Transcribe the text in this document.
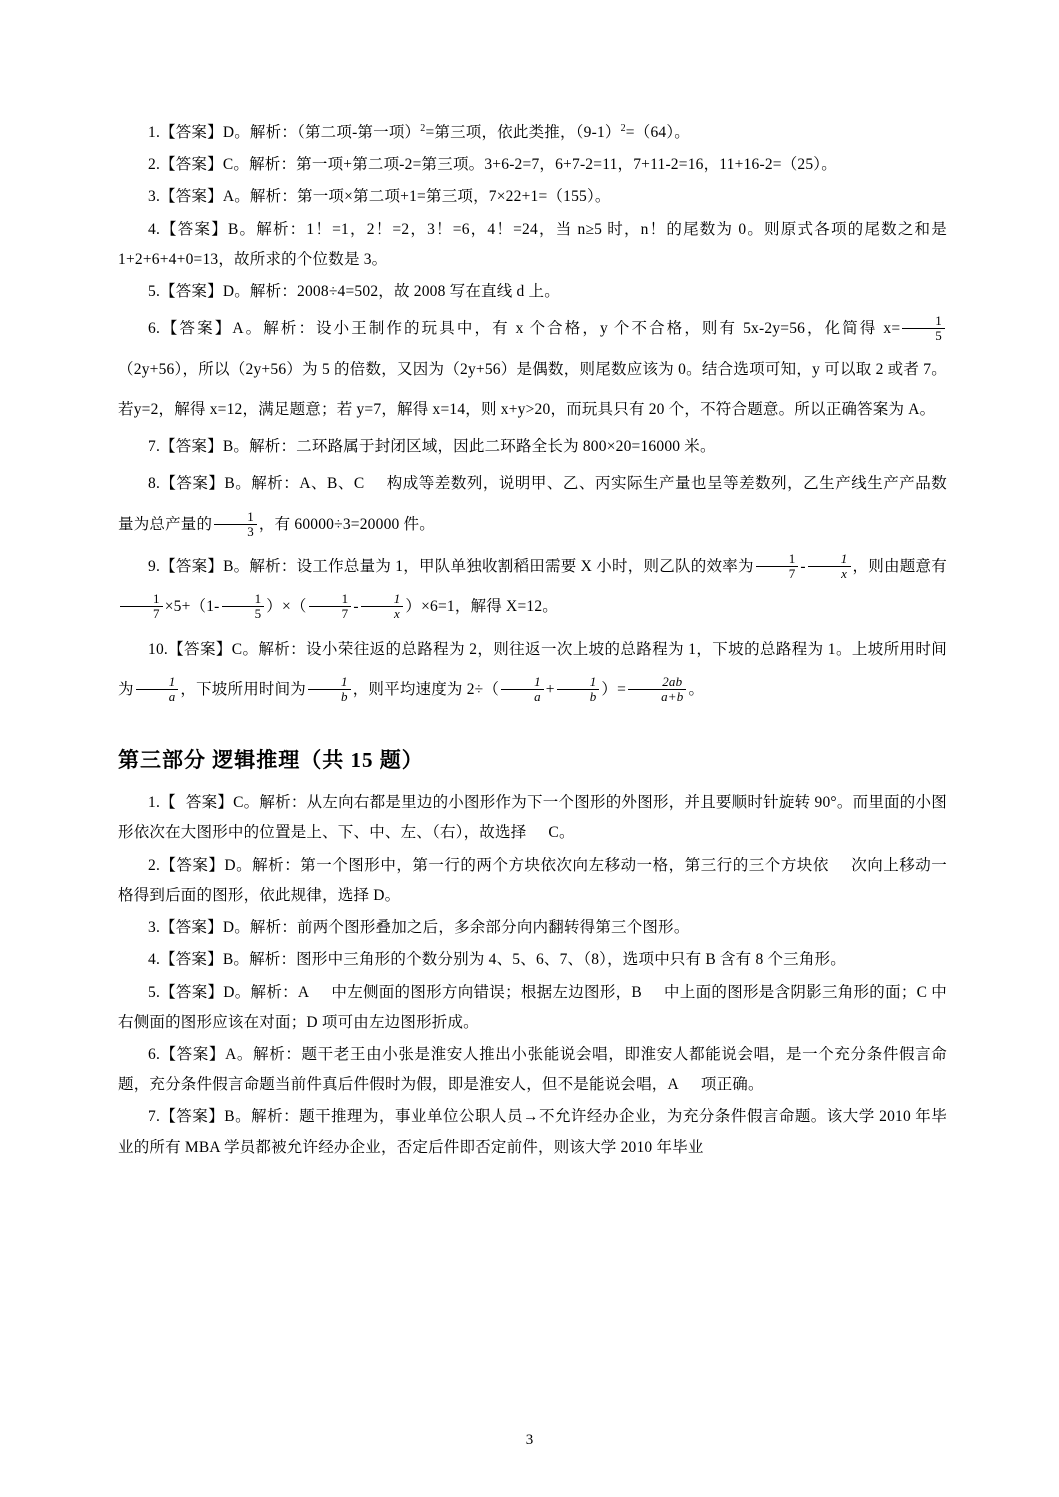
1.【答案】D。解析：（第二项-第一项）$^2$=第三项，依此类推，$(9-1)^2=(64)$。

2.【答案】C。解析：第一项+第二项-2=第三项。3+6-2=7，6+7-2=11，7+11-2=16，11+16-2=（25）。

3.【答案】A。解析：第一项×第二项+1=第三项，7×22+1=（155）。

4.【答案】B。解析：1！=1，2！=2，3！=6，4！=24，当 n≥5 时，n！的尾数为 0。则原式各项的尾数之和是 1+2+6+4+0=13，故所求的个位数是 3。

5.【答案】D。解析：2008÷4=502，故 2008 写在直线 d 上。

6.【答案】A。解析：设小王制作的玩具中，有 x 个合格，y 个不合格，则有 5x-2y=56，化简得 $x= \frac{1}{5}$
（2y+56），所以（2y+56）为 5 的倍数，又因为（2y+56）是偶数，则尾数应该为 0。结合选项可知，y 可以取 2 或者 7。若y=2，解得 x=12，满足题意；若 y=7，解得 x=14，则 x+y>20，而玩具只有 20 个，不符合题意。所以正确答案为 A。

7.【答案】B。解析：二环路属于封闭区域，因此二环路全长为 800×20=16000 米。

8.【答案】B。解析：A、B、C 构成等差数列，说明甲、乙、丙实际生产量也呈等差数列，乙生产线生产产品数量为总产量的 $\frac{1}{3}$ ，有 60000÷3=20000 件。

9.【答案】B。解析：设工作总量为 1，甲队单独收割稻田需要 X 小时，则乙队的效率为 $\frac{1}{7} - \frac{1}{x}$ ，则由题意有
$\frac{1}{7} \times 5+(1- \frac{1}{5}$ ）×（ $\frac{1}{7} - \frac{1}{x} )\times 6=1$，解得 X=12。

10.【答案】C。解析：设小荣往返的总路程为 2，则往返一次上坡的总路程为 1，下坡的总路程为 1。上坡所用时间为 $\frac{1}{a}$ ，下坡所用时间为 $\frac{1}{b}$ ，则平均速度为 $2\div( \frac{1}{a} + \frac{1}{b}$ ）= $\frac{2ab}{a+b}$ 。

第三部分 逻辑推理（共 15 题）

1.【 答案】C。解析：从左向右都是里边的小图形作为下一个图形的外图形，并且要顺时针旋转 90°。而里面的小图形依次在大图形中的位置是上、下、中、左、（右），故选择 C。

2.【答案】D。解析：第一个图形中，第一行的两个方块依次向左移动一格，第三行的三个方块依 次向上移动一格得到后面的图形，依此规律，选择 D。

3.【答案】D。解析：前两个图形叠加之后，多余部分向内翻转得第三个图形。

4.【答案】B。解析：图形中三角形的个数分别为 4、5、6、7、（8），选项中只有 B 含有 8 个三角形。

5.【答案】D。解析：A 中左侧面的图形方向错误；根据左边图形，B 中上面的图形是含阴影三角形的面；C 中右侧面的图形应该在对面；D 项可由左边图形折成。

6.【答案】A。解析：题干老王由小张是淮安人推出小张能说会唱，即淮安人都能说会唱，是一个充分条件假言命题，充分条件假言命题当前件真后件假时为假，即是淮安人，但不是能说会唱，A 项正确。

7.【答案】B。解析：题干推理为，事业单位公职人员→不允许经办企业，为充分条件假言命题。该大学 2010 年毕业的所有 MBA 学员都被允许经办企业，否定后件即否定前件，则该大学 2010 年毕业

3
